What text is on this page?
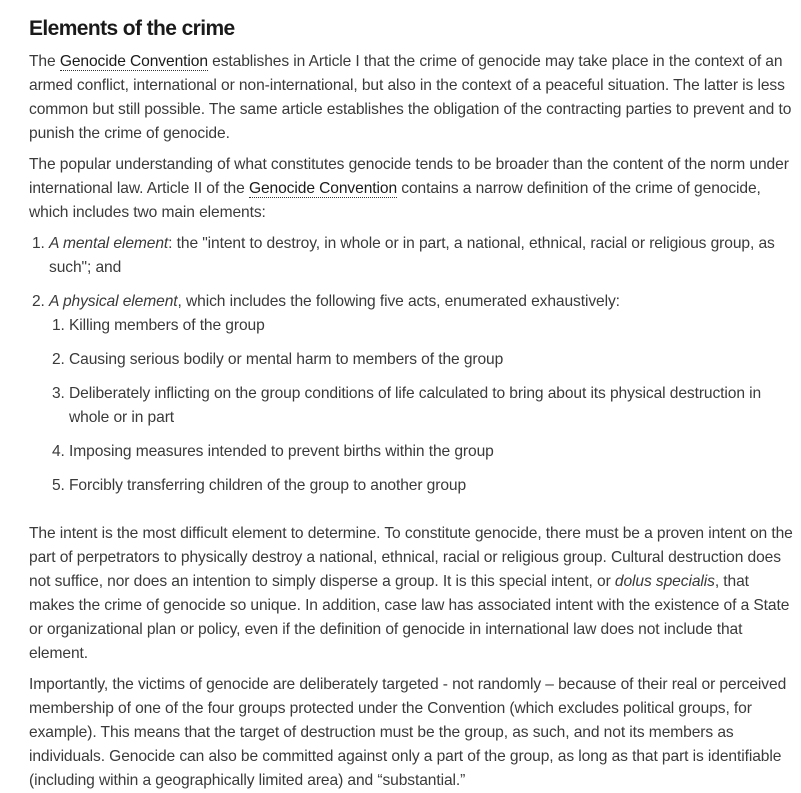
Elements of the crime

The Genocide Convention establishes in Article I that the crime of genocide may take place in the context of an armed conflict, international or non-international, but also in the context of a peaceful situation. The latter is less common but still possible. The same article establishes the obligation of the contracting parties to prevent and to punish the crime of genocide.

The popular understanding of what constitutes genocide tends to be broader than the content of the norm under international law. Article II of the Genocide Convention contains a narrow definition of the crime of genocide, which includes two main elements:

1. A mental element: the "intent to destroy, in whole or in part, a national, ethnical, racial or religious group, as such"; and
2. A physical element, which includes the following five acts, enumerated exhaustively:
1. Killing members of the group
2. Causing serious bodily or mental harm to members of the group
3. Deliberately inflicting on the group conditions of life calculated to bring about its physical destruction in whole or in part
4. Imposing measures intended to prevent births within the group
5. Forcibly transferring children of the group to another group

The intent is the most difficult element to determine. To constitute genocide, there must be a proven intent on the part of perpetrators to physically destroy a national, ethnical, racial or religious group. Cultural destruction does not suffice, nor does an intention to simply disperse a group. It is this special intent, or dolus specialis, that makes the crime of genocide so unique. In addition, case law has associated intent with the existence of a State or organizational plan or policy, even if the definition of genocide in international law does not include that element.

Importantly, the victims of genocide are deliberately targeted - not randomly – because of their real or perceived membership of one of the four groups protected under the Convention (which excludes political groups, for example). This means that the target of destruction must be the group, as such, and not its members as individuals. Genocide can also be committed against only a part of the group, as long as that part is identifiable (including within a geographically limited area) and “substantial.”
